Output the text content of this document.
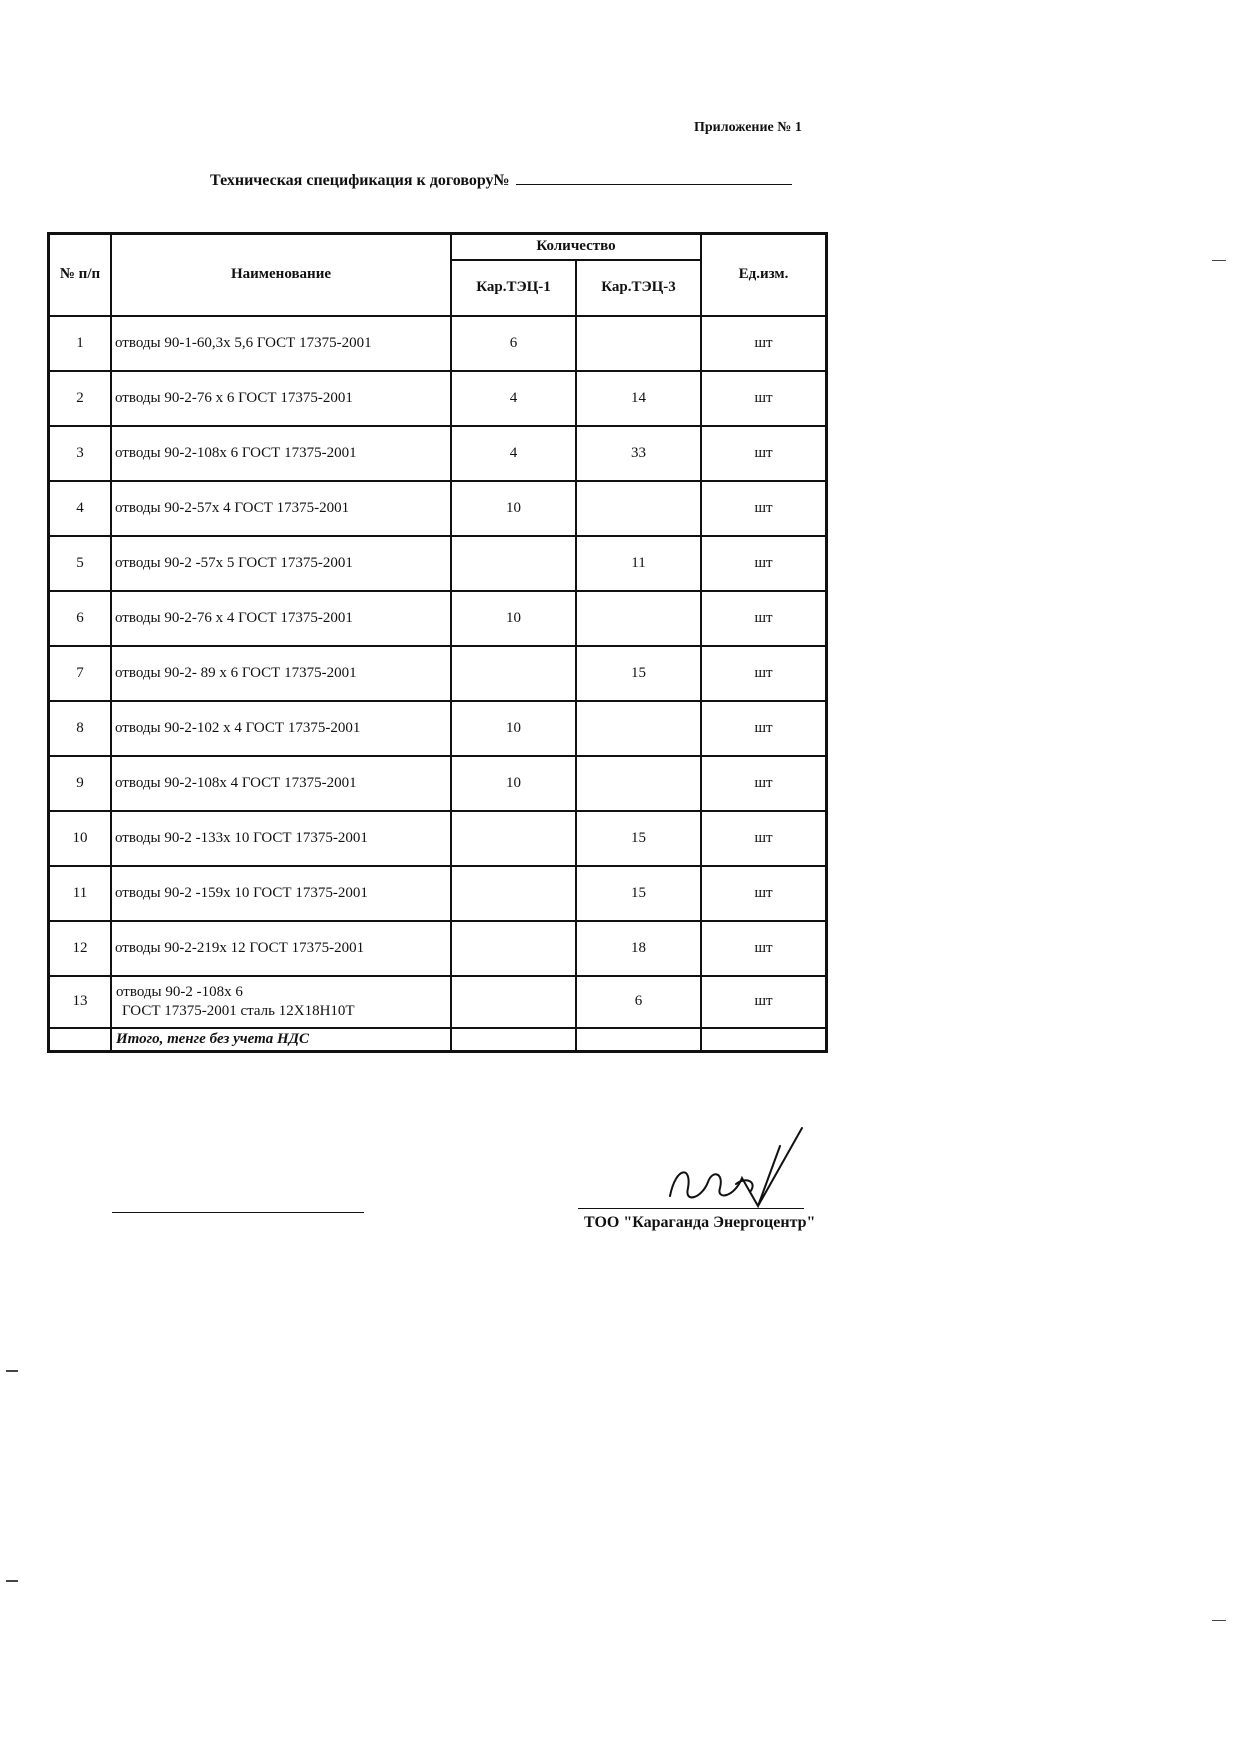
Приложение № 1
Техническая спецификация к договору№
№ п/п	Наименование	Количество		Ед.изм.
		Кар.ТЭЦ-1	Кар.ТЭЦ-3	
1	отводы 90-1-60,3х 5,6 ГОСТ 17375-2001	6		шт
2	отводы 90-2-76 х 6 ГОСТ 17375-2001	4	14	шт
3	отводы 90-2-108х 6 ГОСТ 17375-2001	4	33	шт
4	отводы 90-2-57х 4 ГОСТ 17375-2001	10		шт
5	отводы 90-2 -57х 5 ГОСТ 17375-2001		11	шт
6	отводы 90-2-76 х 4 ГОСТ 17375-2001	10		шт
7	отводы 90-2- 89 х 6 ГОСТ 17375-2001		15	шт
8	отводы 90-2-102 х 4 ГОСТ 17375-2001	10		шт
9	отводы 90-2-108х 4 ГОСТ 17375-2001	10		шт
10	отводы 90-2 -133х 10 ГОСТ 17375-2001		15	шт
11	отводы 90-2 -159х 10 ГОСТ 17375-2001		15	шт
12	отводы 90-2-219х 12 ГОСТ 17375-2001		18	шт
13	отводы 90-2 -108х 6
ГОСТ 17375-2001 сталь 12Х18Н10Т		6	шт
	Итого, тенге без учета НДС			
ТОО "Караганда Энергоцентр"
